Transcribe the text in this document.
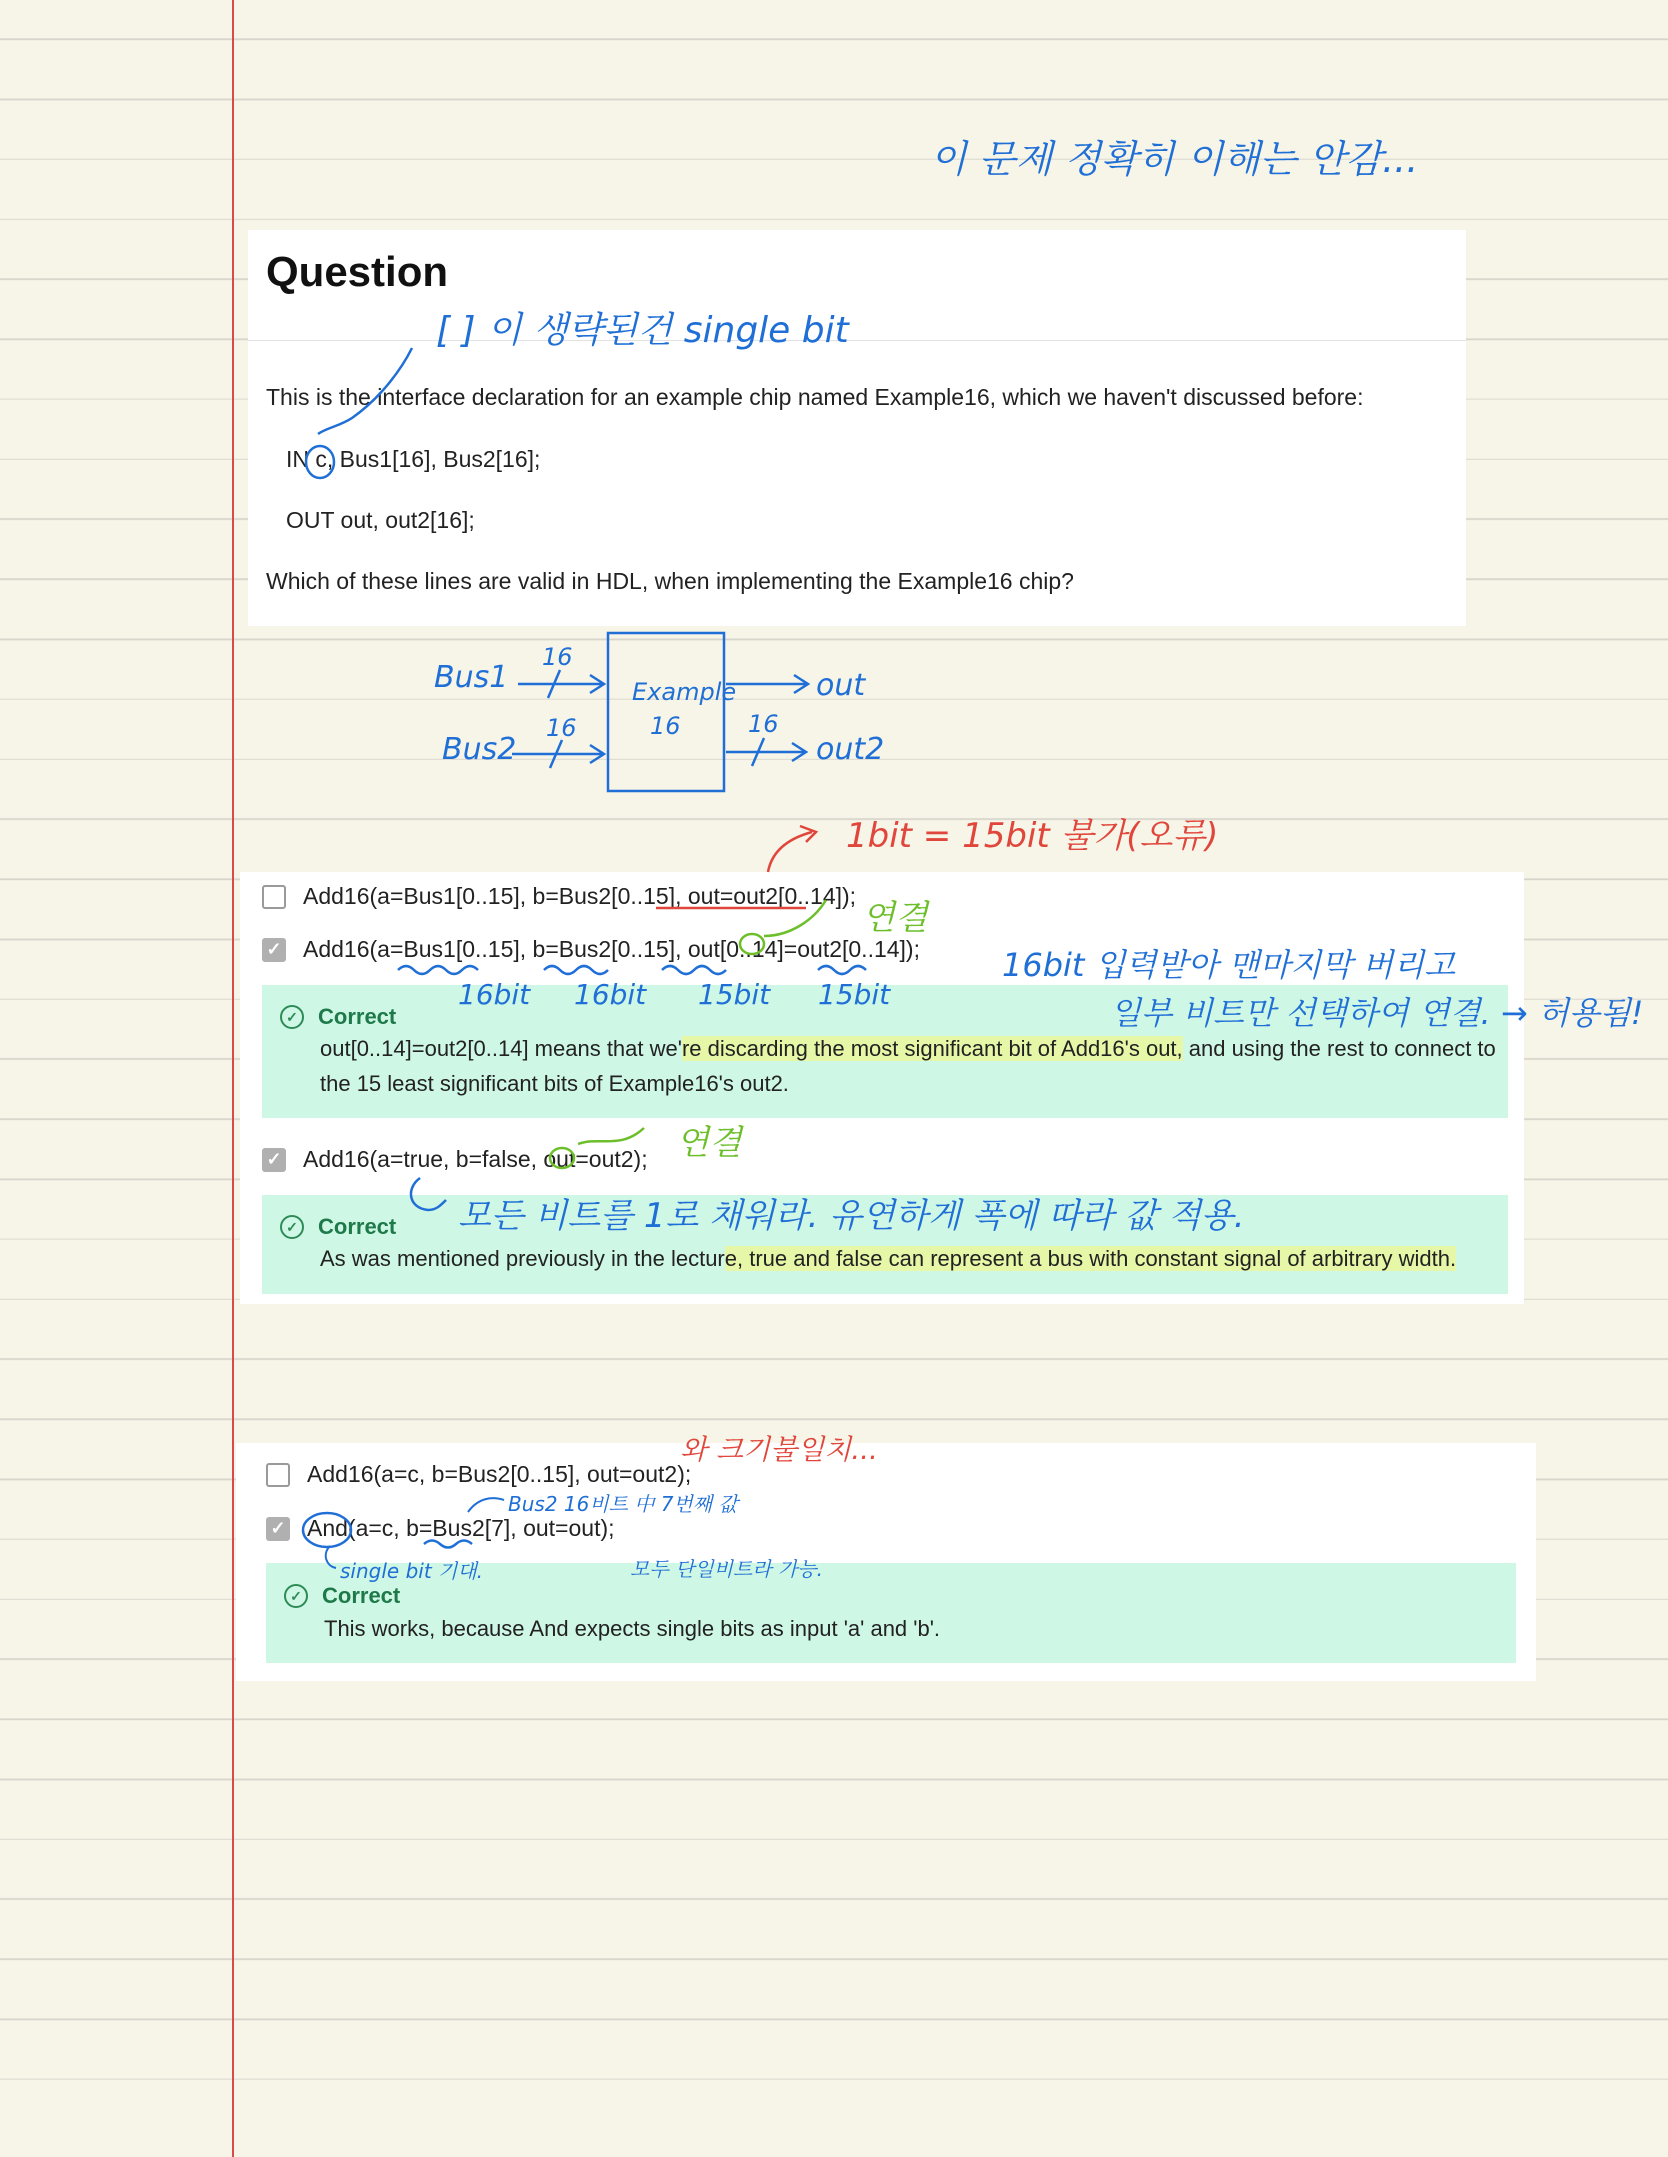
Question
This is the interface declaration for an example chip named Example16, which we haven't discussed before:
IN c, Bus1[16], Bus2[16];
OUT out, out2[16];
Which of these lines are valid in HDL, when implementing the Example16 chip?
Add16(a=Bus1[0..15], b=Bus2[0..15], out=out2[0..14]);
✓ Add16(a=Bus1[0..15], b=Bus2[0..15], out[0..14]=out2[0..14]);
✓ Correct
out[0..14]=out2[0..14] means that we're discarding the most significant bit of Add16's out, and using the rest to connect to
the 15 least significant bits of Example16's out2.
✓ Add16(a=true, b=false, out=out2);
✓ Correct
As was mentioned previously in the lecture, true and false can represent a bus with constant signal of arbitrary width.
Add16(a=c, b=Bus2[0..15], out=out2);
✓ And(a=c, b=Bus2[7], out=out);
✓ Correct
This works, because And expects single bits as input 'a' and 'b'.
이 문제 정확히 이해는 안감...
[ ] 이 생략된건 single bit
Bus1
Bus2
16
16	16
Example
16
out
out2
1bit = 15bit 불가(오류)
연결
16bit 16bit 15bit 15bit
16bit 입력받아 맨마지막 버리고
일부 비트만 선택하여 연결. → 허용됨!
연결
모든 비트를 1로 채워라. 유연하게 폭에 따라 값 적용.
와 크기불일치...
Bus2 16비트 中 7번째 값
single bit 기대.	모두 단일비트라 가능.
